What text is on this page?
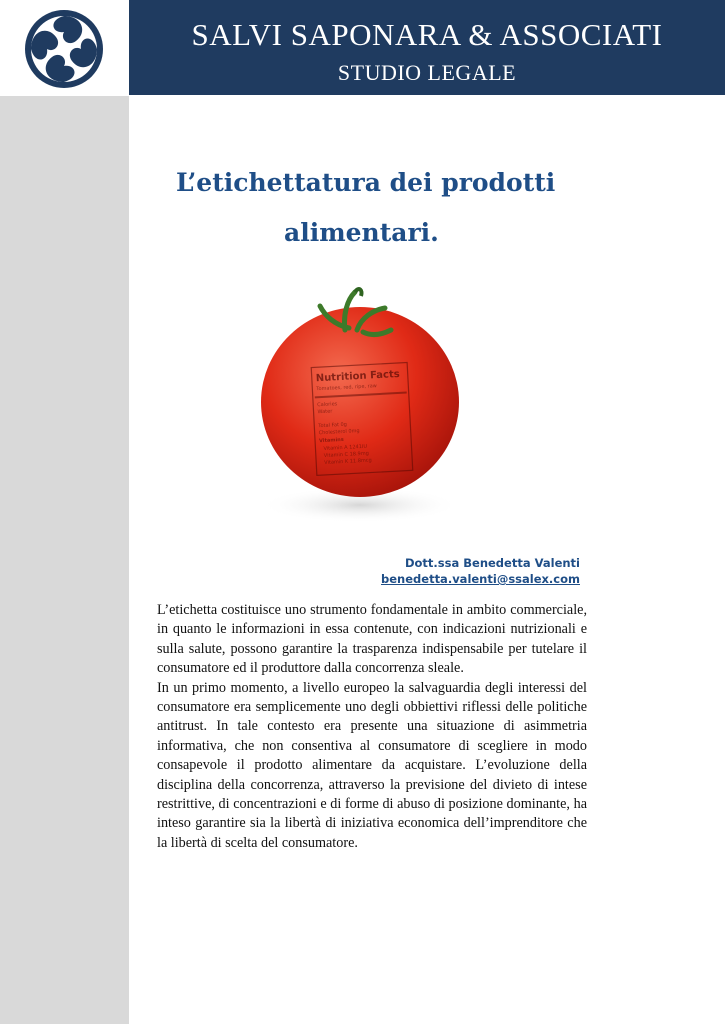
SALVI SAPONARA & ASSOCIATI
STUDIO LEGALE
L’etichettatura dei prodotti
alimentari.
Nutrition Facts
Tomatoes, red, ripe, raw
Calories
Water
Total Fat 0g
Cholesterol 0mg
Vitamins
Vitamin A 1241IU
Vitamin C 18.9mg
Vitamin K 11.8mcg
Dott.ssa Benedetta Valenti
benedetta.valenti@ssalex.com

L’etichetta costituisce uno strumento fondamentale in ambito commerciale, in quanto le informazioni in essa contenute, con indicazioni nutrizionali e sulla salute, possono garantire la trasparenza indispensabile per tutelare il consumatore ed il produttore dalla concorrenza sleale.

In un primo momento, a livello europeo la salvaguardia degli interessi del consumatore era semplicemente uno degli obbiettivi riflessi delle politiche antitrust. In tale contesto era presente una situazione di asimmetria informativa, che non consentiva al consumatore di scegliere in modo consapevole il prodotto alimentare da acquistare. L’evoluzione della disciplina della concorrenza, attraverso la previsione del divieto di intese restrittive, di concentrazioni e di forme di abuso di posizione dominante, ha inteso garantire sia la libertà di iniziativa economica dell’imprenditore che la libertà di scelta del consumatore.
